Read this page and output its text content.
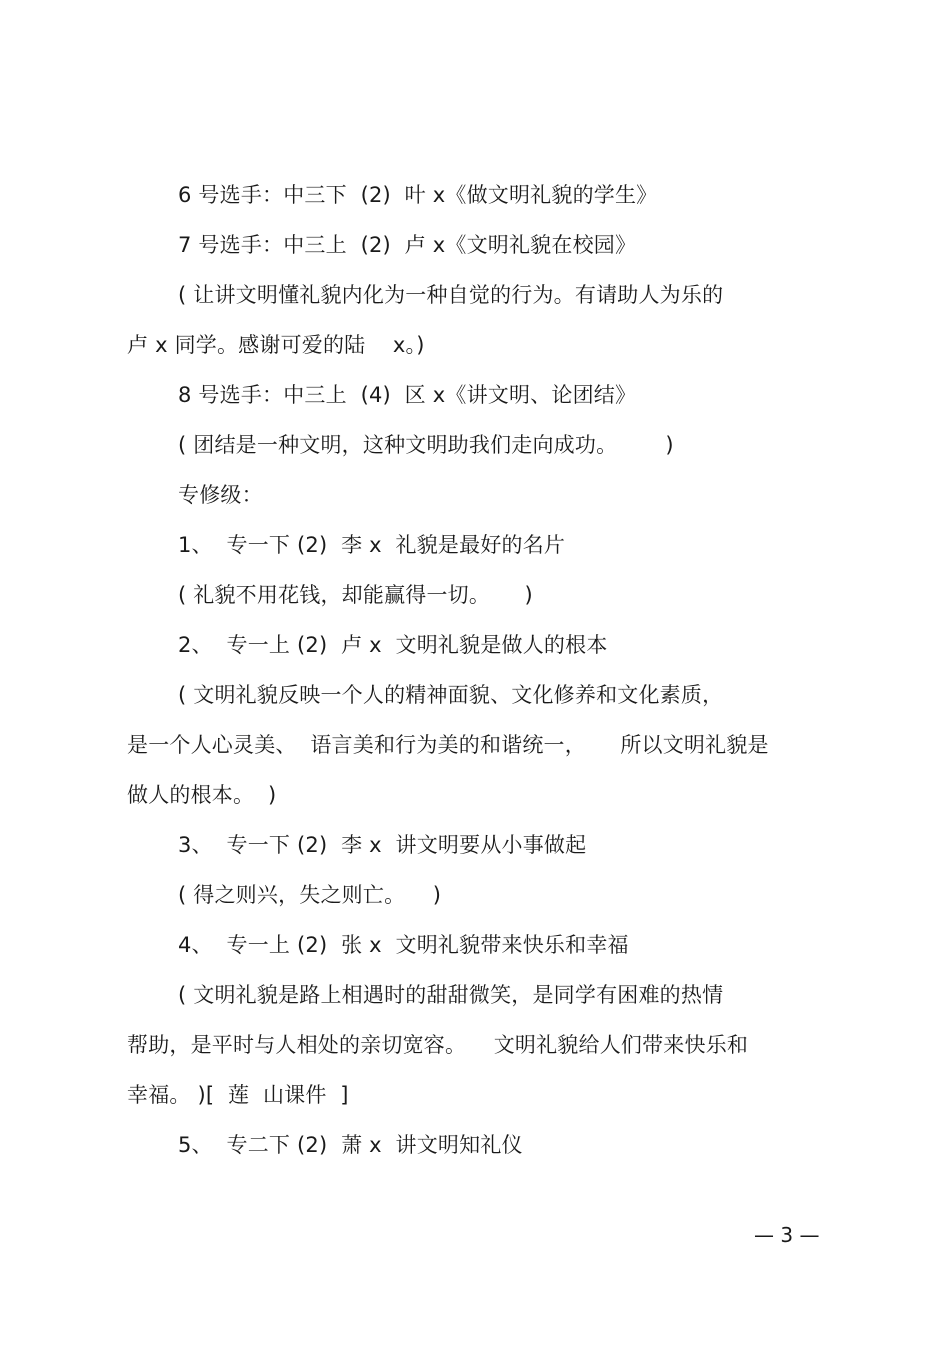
6 号选手：中三下  (2)  叶 x《做文明礼貌的学生》
7 号选手：中三上  (2)  卢 x《文明礼貌在校园》
( 让讲文明懂礼貌内化为一种自觉的行为。有请助人为乐的
卢 x 同学。感谢可爱的陆    x。)
8 号选手：中三上  (4)  区 x《讲文明、论团结》
( 团结是一种文明，这种文明助我们走向成功。       )
专修级：
1、  专一下 (2)  李 x  礼貌是最好的名片
( 礼貌不用花钱，却能赢得一切。     )
2、  专一上 (2)  卢 x  文明礼貌是做人的根本
( 文明礼貌反映一个人的精神面貌、文化修养和文化素质，
是一个人心灵美、  语言美和行为美的和谐统一，     所以文明礼貌是
做人的根本。  )
3、  专一下 (2)  李 x  讲文明要从小事做起
( 得之则兴，失之则亡。    )
4、  专一上 (2)  张 x  文明礼貌带来快乐和幸福
( 文明礼貌是路上相遇时的甜甜微笑，是同学有困难的热情
帮助，是平时与人相处的亲切宽容。    文明礼貌给人们带来快乐和
幸福。 )[  莲  山课件  ]
5、  专二下 (2)  萧 x  讲文明知礼仪
— 3 —
